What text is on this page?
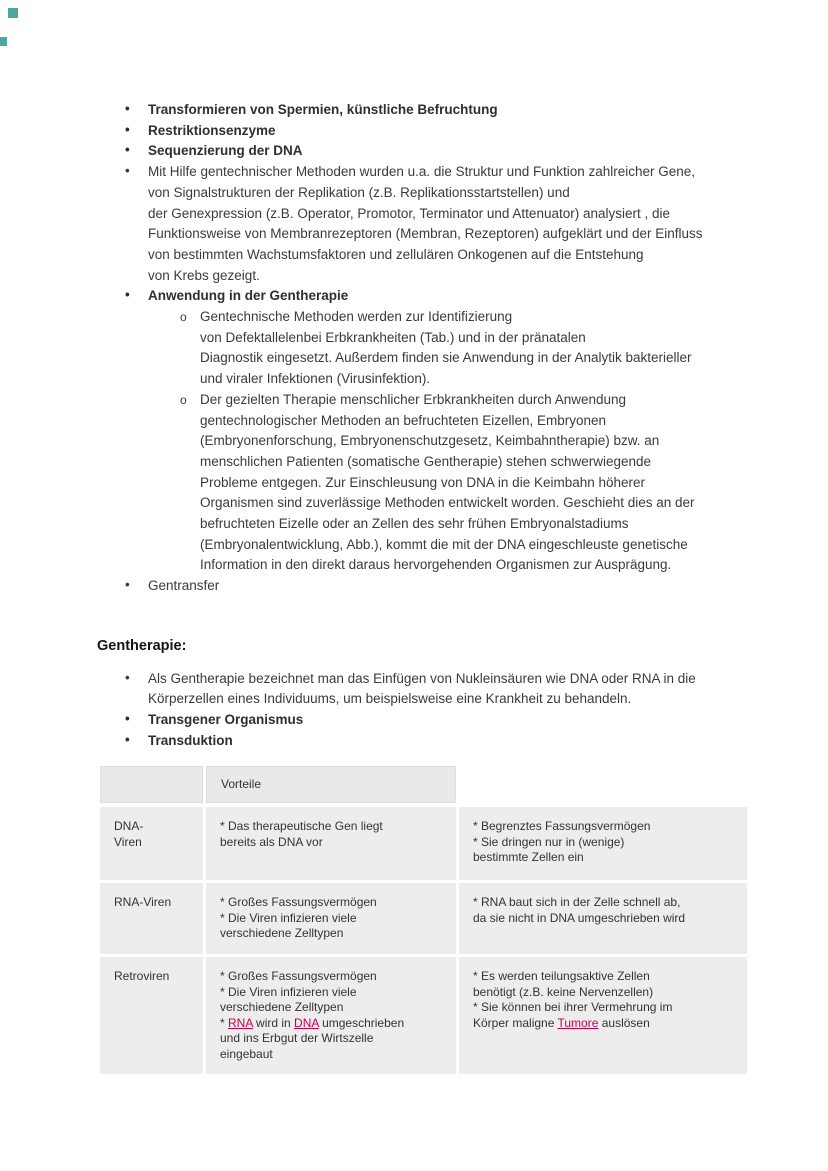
• Transformieren von Spermien, künstliche Befruchtung
• Restriktionsenzyme
• Sequenzierung der DNA
• Mit Hilfe gentechnischer Methoden wurden u.a. die Struktur und Funktion zahlreicher Gene,
von Signalstrukturen der Replikation (z.B. Replikationsstartstellen) und
der Genexpression (z.B. Operator, Promotor, Terminator und Attenuator) analysiert , die
Funktionsweise von Membranrezeptoren (Membran, Rezeptoren) aufgeklärt und der Einfluss
von bestimmten Wachstumsfaktoren und zellulären Onkogenen auf die Entstehung
von Krebs gezeigt.
• Anwendung in der Gentherapie
o Gentechnische Methoden werden zur Identifizierung
von Defektallelenbei Erbkrankheiten (Tab.) und in der pränatalen
Diagnostik eingesetzt. Außerdem finden sie Anwendung in der Analytik bakterieller
und viraler Infektionen (Virusinfektion).
o Der gezielten Therapie menschlicher Erbkrankheiten durch Anwendung
gentechnologischer Methoden an befruchteten Eizellen, Embryonen
(Embryonenforschung, Embryonenschutzgesetz, Keimbahntherapie) bzw. an
menschlichen Patienten (somatische Gentherapie) stehen schwerwiegende
Probleme entgegen. Zur Einschleusung von DNA in die Keimbahn höherer
Organismen sind zuverlässige Methoden entwickelt worden. Geschieht dies an der
befruchteten Eizelle oder an Zellen des sehr frühen Embryonalstadiums
(Embryonalentwicklung, Abb.), kommt die mit der DNA eingeschleuste genetische
Information in den direkt daraus hervorgehenden Organismen zur Ausprägung.
• Gentransfer
Gentherapie:
• Als Gentherapie bezeichnet man das Einfügen von Nukleinsäuren wie DNA oder RNA in die
Körperzellen eines Individuums, um beispielsweise eine Krankheit zu behandeln.
• Transgener Organismus
• Transduktion
Vorteile
DNA-
Viren
* Das therapeutische Gen liegt
bereits als DNA vor
* Begrenztes Fassungsvermögen
* Sie dringen nur in (wenige)
bestimmte Zellen ein
RNA-Viren	* Großes Fassungsvermögen
* Die Viren infizieren viele
verschiedene Zelltypen
* RNA baut sich in der Zelle schnell ab,
da sie nicht in DNA umgeschrieben wird
Retroviren	* Großes Fassungsvermögen
* Die Viren infizieren viele
verschiedene Zelltypen
* RNA wird in DNA umgeschrieben
und ins Erbgut der Wirtszelle
eingebaut
* Es werden teilungsaktive Zellen
benötigt (z.B. keine Nervenzellen)
* Sie können bei ihrer Vermehrung im
Körper maligne Tumore auslösen
